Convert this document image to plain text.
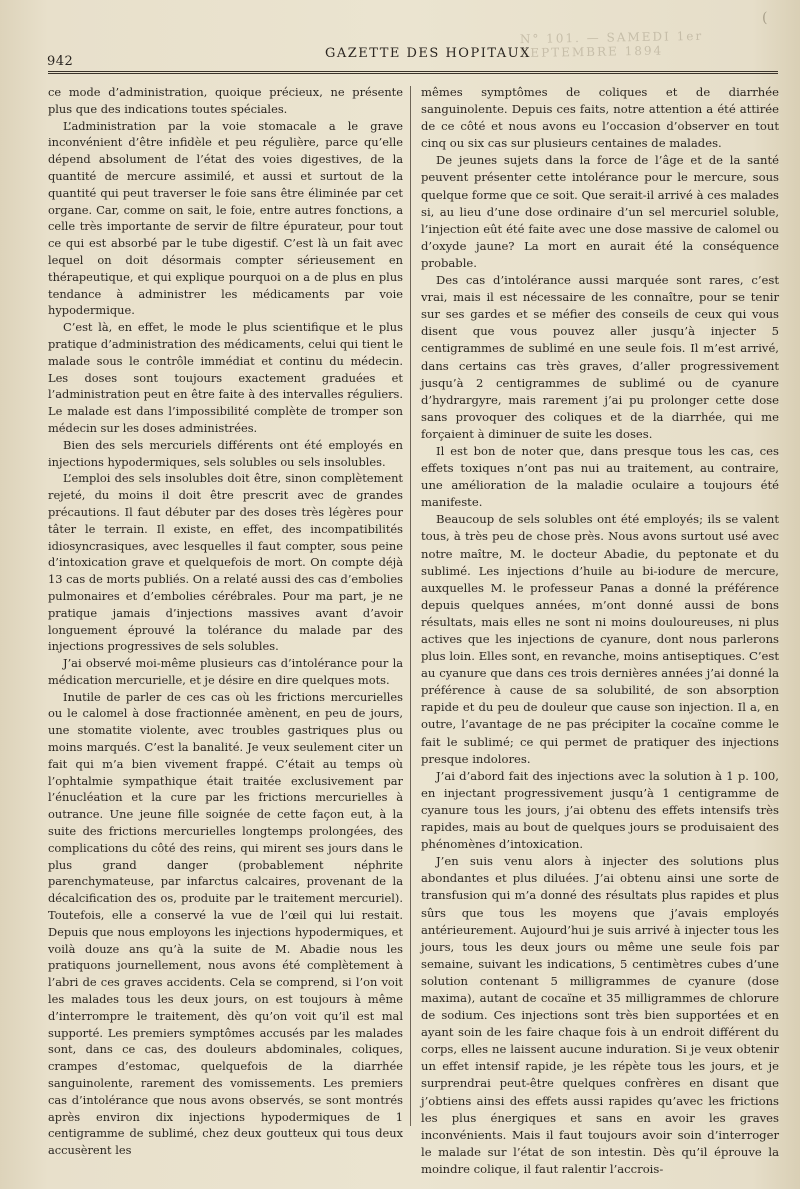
N° 101. — SAMEDI 1er SEPTEMBRE 1894
(
942
GAZETTE DES HOPITAUX

ce mode d’administration, quoique précieux, ne présente plus que des indications toutes spéciales.

L’administration par la voie stomacale a le grave inconvénient d’être infidèle et peu régulière, parce qu’elle dépend absolument de l’état des voies digestives, de la quantité de mercure assimilé, et aussi et surtout de la quantité qui peut traverser le foie sans être éliminée par cet organe. Car, comme on sait, le foie, entre autres fonctions, a celle très importante de servir de filtre épurateur, pour tout ce qui est absorbé par le tube digestif. C’est là un fait avec lequel on doit désormais compter sérieusement en thérapeutique, et qui explique pourquoi on a de plus en plus tendance à administrer les médicaments par voie hypodermique.

C’est là, en effet, le mode le plus scientifique et le plus pratique d’administration des médicaments, celui qui tient le malade sous le contrôle immédiat et continu du médecin. Les doses sont toujours exactement graduées et l’administration peut en être faite à des intervalles réguliers. Le malade est dans l’impossibilité complète de tromper son médecin sur les doses administrées.

Bien des sels mercuriels différents ont été employés en injections hypodermiques, sels solubles ou sels insolubles.

L’emploi des sels insolubles doit être, sinon complètement rejeté, du moins il doit être prescrit avec de grandes précautions. Il faut débuter par des doses très légères pour tâter le terrain. Il existe, en effet, des incompatibilités idiosyncrasiques, avec lesquelles il faut compter, sous peine d’intoxication grave et quelquefois de mort. On compte déjà 13 cas de morts publiés. On a relaté aussi des cas d’embolies pulmonaires et d’embolies cérébrales. Pour ma part, je ne pratique jamais d’injections massives avant d’avoir longuement éprouvé la tolérance du malade par des injections progressives de sels solubles.

J’ai observé moi-même plusieurs cas d’intolérance pour la médication mercurielle, et je désire en dire quelques mots.

Inutile de parler de ces cas où les frictions mercurielles ou le calomel à dose fractionnée amènent, en peu de jours, une stomatite violente, avec troubles gastriques plus ou moins marqués. C’est la banalité. Je veux seulement citer un fait qui m’a bien vivement frappé. C’était au temps où l’ophtalmie sympathique était traitée exclusivement par l’énucléation et la cure par les frictions mercurielles à outrance. Une jeune fille soignée de cette façon eut, à la suite des frictions mercurielles longtemps prolongées, des complications du côté des reins, qui mirent ses jours dans le plus grand danger (probablement néphrite parenchymateuse, par infarctus calcaires, provenant de la décalcification des os, produite par le traitement mercuriel). Toutefois, elle a conservé la vue de l’œil qui lui restait. Depuis que nous employons les injections hypodermiques, et voilà douze ans qu’à la suite de M. Abadie nous les pratiquons journellement, nous avons été complètement à l’abri de ces graves accidents. Cela se comprend, si l’on voit les malades tous les deux jours, on est toujours à même d’interrompre le traitement, dès qu’on voit qu’il est mal supporté. Les premiers symptômes accusés par les malades sont, dans ce cas, des douleurs abdominales, coliques, crampes d’estomac, quelquefois de la diarrhée sanguinolente, rarement des vomissements. Les premiers cas d’intolérance que nous avons observés, se sont montrés après environ dix injections hypodermiques de 1 centigramme de sublimé, chez deux goutteux qui tous deux accusèrent les

mêmes symptômes de coliques et de diarrhée sanguinolente. Depuis ces faits, notre attention a été attirée de ce côté et nous avons eu l’occasion d’observer en tout cinq ou six cas sur plusieurs centaines de malades.

De jeunes sujets dans la force de l’âge et de la santé peuvent présenter cette intolérance pour le mercure, sous quelque forme que ce soit. Que serait-il arrivé à ces malades si, au lieu d’une dose ordinaire d’un sel mercuriel soluble, l’injection eût été faite avec une dose massive de calomel ou d’oxyde jaune? La mort en aurait été la conséquence probable.

Des cas d’intolérance aussi marquée sont rares, c’est vrai, mais il est nécessaire de les connaître, pour se tenir sur ses gardes et se méfier des conseils de ceux qui vous disent que vous pouvez aller jusqu’à injecter 5 centigrammes de sublimé en une seule fois. Il m’est arrivé, dans certains cas très graves, d’aller progressivement jusqu’à 2 centigrammes de sublimé ou de cyanure d’hydrargyre, mais rarement j’ai pu prolonger cette dose sans provoquer des coliques et de la diarrhée, qui me forçaient à diminuer de suite les doses.

Il est bon de noter que, dans presque tous les cas, ces effets toxiques n’ont pas nui au traitement, au contraire, une amélioration de la maladie oculaire a toujours été manifeste.

Beaucoup de sels solubles ont été employés; ils se valent tous, à très peu de chose près. Nous avons surtout usé avec notre maître, M. le docteur Abadie, du peptonate et du sublimé. Les injections d’huile au bi-iodure de mercure, auxquelles M. le professeur Panas a donné la préférence depuis quelques années, m’ont donné aussi de bons résultats, mais elles ne sont ni moins douloureuses, ni plus actives que les injections de cyanure, dont nous parlerons plus loin. Elles sont, en revanche, moins antiseptiques. C’est au cyanure que dans ces trois dernières années j’ai donné la préférence à cause de sa solubilité, de son absorption rapide et du peu de douleur que cause son injection. Il a, en outre, l’avantage de ne pas précipiter la cocaïne comme le fait le sublimé; ce qui permet de pratiquer des injections presque indolores.

J’ai d’abord fait des injections avec la solution à 1 p. 100, en injectant progressivement jusqu’à 1 centigramme de cyanure tous les jours, j’ai obtenu des effets intensifs très rapides, mais au bout de quelques jours se produisaient des phénomènes d’intoxication.

J’en suis venu alors à injecter des solutions plus abondantes et plus diluées. J’ai obtenu ainsi une sorte de transfusion qui m’a donné des résultats plus rapides et plus sûrs que tous les moyens que j’avais employés antérieurement. Aujourd’hui je suis arrivé à injecter tous les jours, tous les deux jours ou même une seule fois par semaine, suivant les indications, 5 centimètres cubes d’une solution contenant 5 milligrammes de cyanure (dose maxima), autant de cocaïne et 35 milligrammes de chlorure de sodium. Ces injections sont très bien supportées et en ayant soin de les faire chaque fois à un endroit différent du corps, elles ne laissent aucune induration. Si je veux obtenir un effet intensif rapide, je les répète tous les jours, et je surprendrai peut-être quelques confrères en disant que j’obtiens ainsi des effets aussi rapides qu’avec les frictions les plus énergiques et sans en avoir les graves inconvénients. Mais il faut toujours avoir soin d’interroger le malade sur l’état de son intestin. Dès qu’il éprouve la moindre colique, il faut ralentir l’accrois-
